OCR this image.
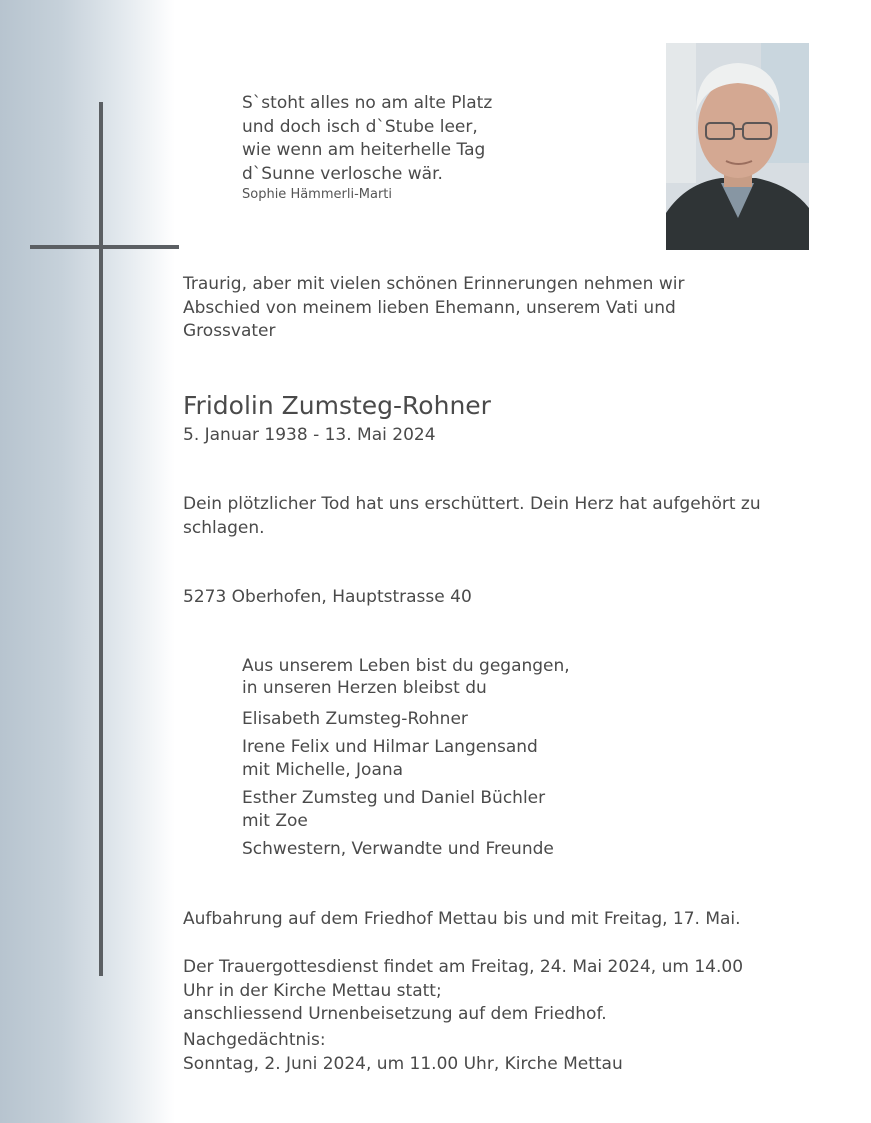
S`stoht alles no am alte Platz
und doch isch d`Stube leer,
wie wenn am heiterhelle Tag
d`Sunne verlosche wär.
Sophie Hämmerli-Marti
Traurig, aber mit vielen schönen Erinnerungen nehmen wir
Abschied von meinem lieben Ehemann, unserem Vati und
Grossvater
Fridolin Zumsteg-Rohner
5. Januar 1938 - 13. Mai 2024
Dein plötzlicher Tod hat uns erschüttert. Dein Herz hat aufgehört zu
schlagen.
5273 Oberhofen, Hauptstrasse 40
Aus unserem Leben bist du gegangen,
in unseren Herzen bleibst du
Elisabeth Zumsteg-Rohner
Irene Felix und Hilmar Langensand
mit Michelle, Joana
Esther Zumsteg und Daniel Büchler
mit Zoe
Schwestern, Verwandte und Freunde
Aufbahrung auf dem Friedhof Mettau bis und mit Freitag, 17. Mai.
Der Trauergottesdienst findet am Freitag, 24. Mai 2024, um 14.00
Uhr in der Kirche Mettau statt;
anschliessend Urnenbeisetzung auf dem Friedhof.
Nachgedächtnis:
Sonntag, 2. Juni 2024, um 11.00 Uhr, Kirche Mettau
